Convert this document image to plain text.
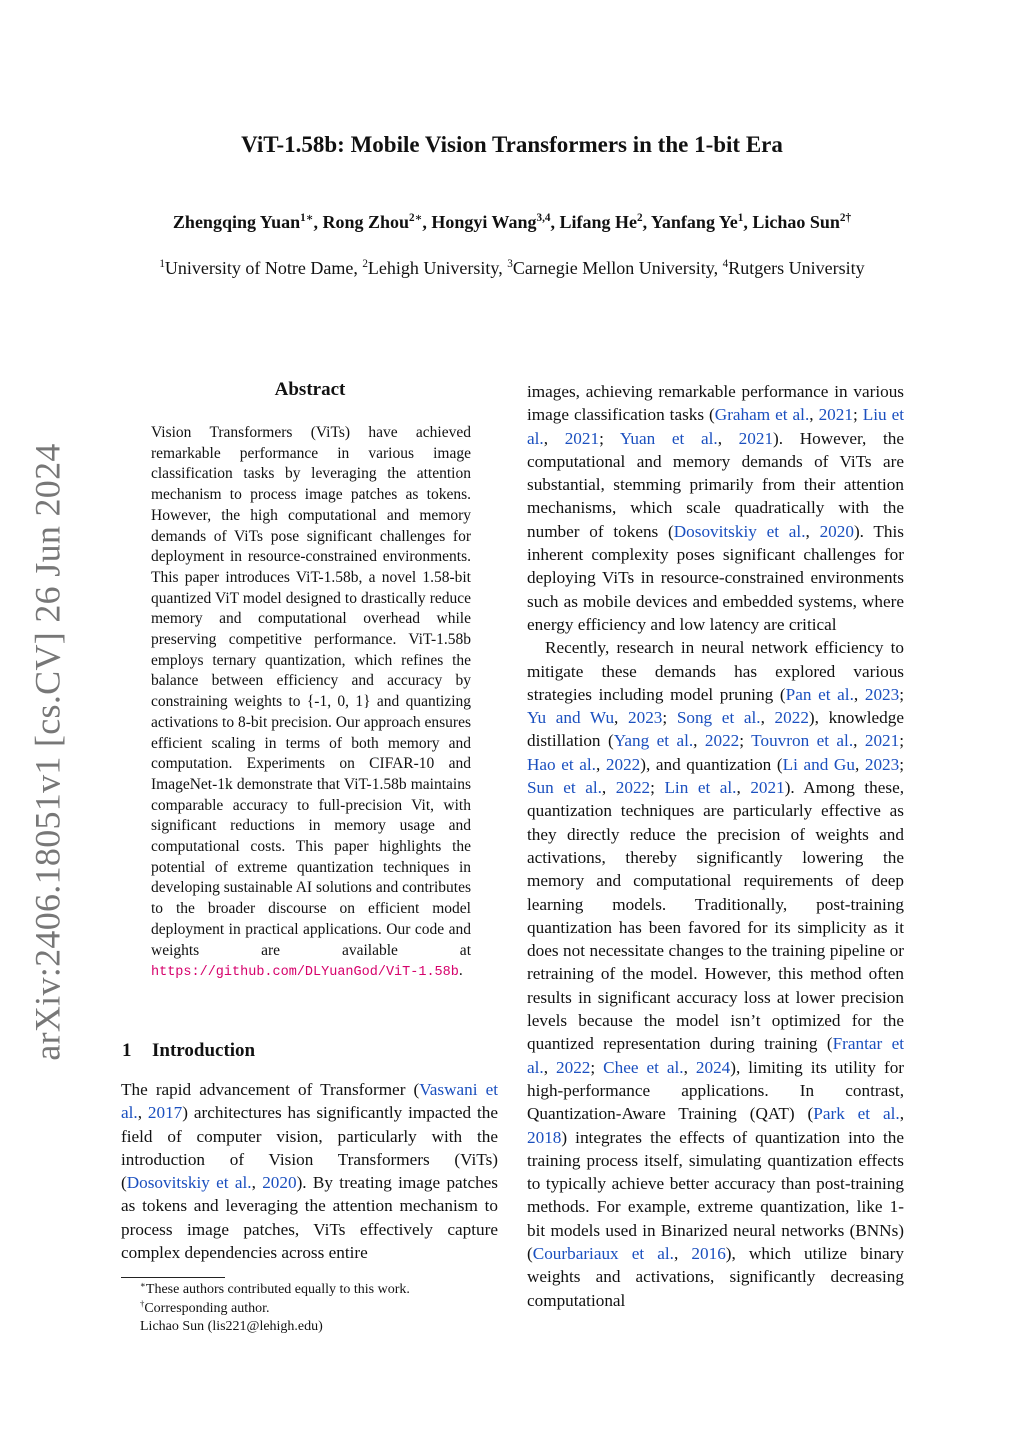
arXiv:2406.18051v1 [cs.CV] 26 Jun 2024
ViT-1.58b: Mobile Vision Transformers in the 1-bit Era
Zhengqing Yuan$^{1∗}$, Rong Zhou$^{2∗}$, Hongyi Wang$^{3,4}$, Lifang He$^2$, Yanfang Ye$^1$, Lichao Sun$^{2\dagger}$
$^1$University of Notre Dame, $^2$Lehigh University, $^3$Carnegie Mellon University, $^4$Rutgers University
Abstract
Vision Transformers (ViTs) have achieved remarkable performance in various image classification tasks by leveraging the attention mechanism to process image patches as tokens. However, the high computational and memory demands of ViTs pose significant challenges for deployment in resource-constrained environments. This paper introduces ViT-1.58b, a novel 1.58-bit quantized ViT model designed to drastically reduce memory and computational overhead while preserving competitive performance. ViT-1.58b employs ternary quantization, which refines the balance between efficiency and accuracy by constraining weights to {-1, 0, 1} and quantizing activations to 8-bit precision. Our approach ensures efficient scaling in terms of both memory and computation. Experiments on CIFAR-10 and ImageNet-1k demonstrate that ViT-1.58b maintains comparable accuracy to full-precision Vit, with significant reductions in memory usage and computational costs. This paper highlights the potential of extreme quantization techniques in developing sustainable AI solutions and contributes to the broader discourse on efficient model deployment in practical applications. Our code and weights are available at https://github.com/DLYuanGod/ViT-1.58b.
1 Introduction
The rapid advancement of Transformer (Vaswani et al., 2017) architectures has significantly impacted the field of computer vision, particularly with the introduction of Vision Transformers (ViTs) (Dosovitskiy et al., 2020). By treating image patches as tokens and leveraging the attention mechanism to process image patches, ViTs effectively capture complex dependencies across entire

∗These authors contributed equally to this work.

†Corresponding author.

Lichao Sun (lis221@lehigh.edu)

images, achieving remarkable performance in various image classification tasks (Graham et al., 2021; Liu et al., 2021; Yuan et al., 2021). However, the computational and memory demands of ViTs are substantial, stemming primarily from their attention mechanisms, which scale quadratically with the number of tokens (Dosovitskiy et al., 2020). This inherent complexity poses significant challenges for deploying ViTs in resource-constrained environments such as mobile devices and embedded systems, where energy efficiency and low latency are critical

Recently, research in neural network efficiency to mitigate these demands has explored various strategies including model pruning (Pan et al., 2023; Yu and Wu, 2023; Song et al., 2022), knowledge distillation (Yang et al., 2022; Touvron et al., 2021; Hao et al., 2022), and quantization (Li and Gu, 2023; Sun et al., 2022; Lin et al., 2021). Among these, quantization techniques are particularly effective as they directly reduce the precision of weights and activations, thereby significantly lowering the memory and computational requirements of deep learning models. Traditionally, post-training quantization has been favored for its simplicity as it does not necessitate changes to the training pipeline or retraining of the model. However, this method often results in significant accuracy loss at lower precision levels because the model isn’t optimized for the quantized representation during training (Frantar et al., 2022; Chee et al., 2024), limiting its utility for high-performance applications. In contrast, Quantization-Aware Training (QAT) (Park et al., 2018) integrates the effects of quantization into the training process itself, simulating quantization effects to typically achieve better accuracy than post-training methods. For example, extreme quantization, like 1-bit models used in Binarized neural networks (BNNs) (Courbariaux et al., 2016), which utilize binary weights and activations, significantly decreasing computational
